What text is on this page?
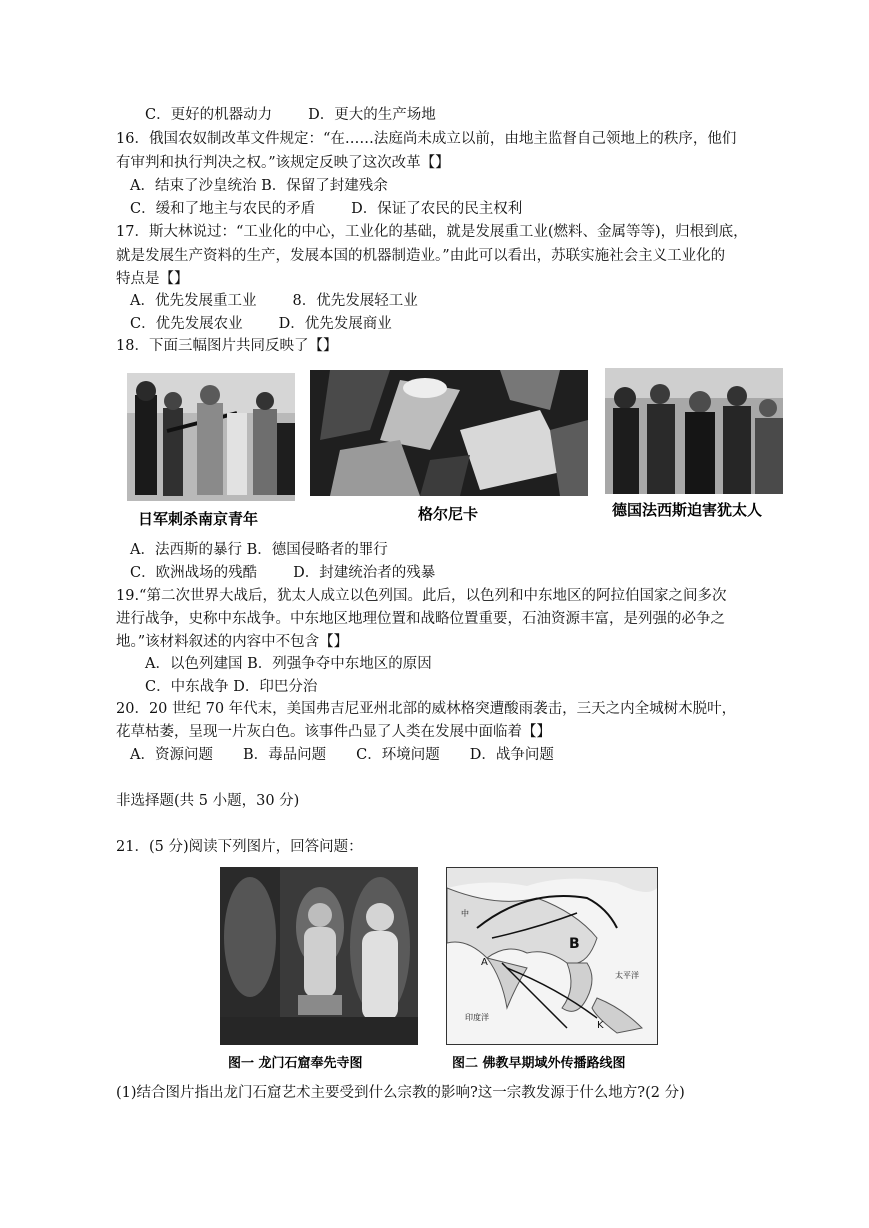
C．更好的机器动力 D．更大的生产场地
16．俄国农奴制改革文件规定：“在……法庭尚未成立以前，由地主监督自己领地上的秩序，他们
有审判和执行判决之权。”该规定反映了这次改革【】
A．结束了沙皇统治 B．保留了封建残余
C．缓和了地主与农民的矛盾 D．保证了农民的民主权利
17．斯大林说过：“工业化的中心，工业化的基础，就是发展重工业(燃料、金属等等)，归根到底，
就是发展生产资料的生产，发展本国的机器制造业。”由此可以看出，苏联实施社会主义工业化的
特点是【】
A．优先发展重工业 8．优先发展轻工业
C．优先发展农业 D．优先发展商业
18．下面三幅图片共同反映了【】
日军刺杀南京青年	格尔尼卡	德国法西斯迫害犹太人
A．法西斯的暴行 B．德国侵略者的罪行
C．欧洲战场的残酷 D．封建统治者的残暴
19.“第二次世界大战后，犹太人成立以色列国。此后，以色列和中东地区的阿拉伯国家之间多次
进行战争，史称中东战争。中东地区地理位置和战略位置重要，石油资源丰富，是列强的必争之
地。”该材料叙述的内容中不包含【】
A．以色列建国 B．列强争夺中东地区的原因
C．中东战争 D．印巴分治
20．20 世纪 70 年代末，美国弗吉尼亚州北部的威林格突遭酸雨袭击，三天之内全城树木脱叶，
花草枯萎，呈现一片灰白色。该事件凸显了人类在发展中面临着【】
A．资源问题 B．毒品问题 C．环境问题 D．战争问题
非选择题(共 5 小题，30 分)
21．(5 分)阅读下列图片，回答问题：
B
太平洋
印度洋
A
中
K
图一 龙门石窟奉先寺图	图二 佛教早期域外传播路线图
(1)结合图片指出龙门石窟艺术主要受到什么宗教的影响?这一宗教发源于什么地方?(2 分)
